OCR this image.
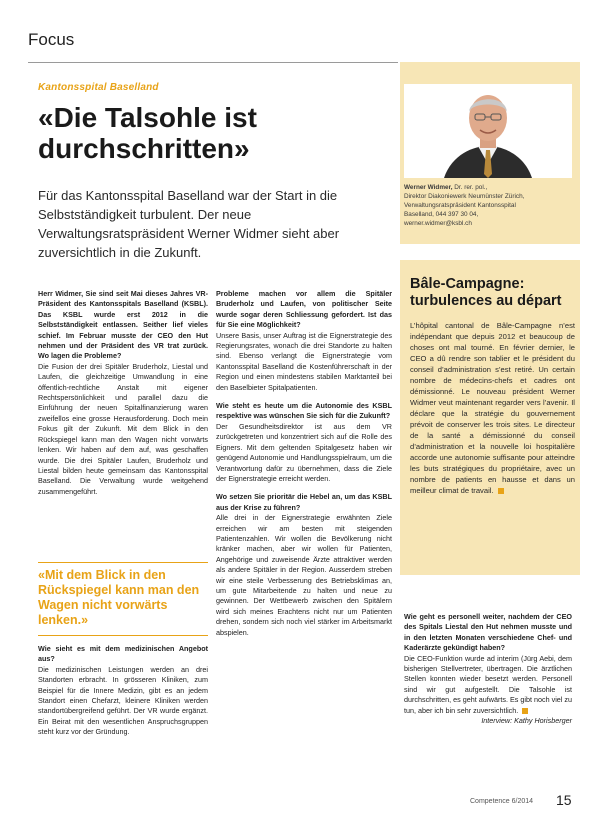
Focus
Werner Widmer, Dr. rer. pol.,
Direktor Diakoniewerk Neumünster Zürich,
Verwaltungsratspräsident Kantonsspital
Baselland, 044 397 30 04,
werner.widmer@ksbl.ch
Kantonsspital Baselland
«Die Talsohle ist durchschritten»
Für das Kantonsspital Baselland war der Start in die Selbstständigkeit turbulent. Der neue Verwaltungsratspräsident Werner Widmer sieht aber zuversichtlich in die Zukunft.

Herr Widmer, Sie sind seit Mai dieses Jahres VR-Präsident des Kantonsspitals Baselland (KSBL). Das KSBL wurde erst 2012 in die Selbstständigkeit entlassen. Seither lief vieles schief. Im Februar musste der CEO den Hut nehmen und der Präsident des VR trat zurück. Wo lagen die Probleme?

Die Fusion der drei Spitäler Bruderholz, Liestal und Laufen, die gleichzeitige Umwandlung in eine öffentlich-rechtliche Anstalt mit eigener Rechtspersönlichkeit und parallel dazu die Einführung der neuen Spitalfinanzierung waren zweifellos eine grosse Herausforderung. Doch mein Fokus gilt der Zukunft. Mit dem Blick in den Rückspiegel kann man den Wagen nicht vorwärts lenken. Wir haben auf dem auf, was geschaffen wurde. Die drei Spitäler Laufen, Bruderholz und Liestal bilden heute gemeinsam das Kantonsspital Baselland. Die Verwaltung wurde weitgehend zusammengeführt.

«Mit dem Blick in den Rückspiegel kann man den Wagen nicht vorwärts lenken.»

Wie sieht es mit dem medizinischen Angebot aus?

Die medizinischen Leistungen werden an drei Standorten erbracht. In grösseren Kliniken, zum Beispiel für die Innere Medizin, gibt es an jedem Standort einen Chefarzt, kleinere Kliniken werden standortübergreifend geführt. Der VR wurde ergänzt. Ein Beirat mit den wesentlichen Anspruchsgruppen steht kurz vor der Gründung.

Probleme machen vor allem die Spitäler Bruderholz und Laufen, von politischer Seite wurde sogar deren Schliessung gefordert. Ist das für Sie eine Möglichkeit?

Unsere Basis, unser Auftrag ist die Eignerstrategie des Regierungsrates, wonach die drei Standorte zu halten sind. Ebenso verlangt die Eignerstrategie vom Kantonsspital Baselland die Kostenführerschaft in der Region und einen mindestens stabilen Marktanteil bei den Baselbieter Spitalpatienten.

Wie steht es heute um die Autonomie des KSBL respektive was wünschen Sie sich für die Zukunft?

Der Gesundheitsdirektor ist aus dem VR zurückgetreten und konzentriert sich auf die Rolle des Eigners. Mit dem geltenden Spitalgesetz haben wir genügend Autonomie und Handlungsspielraum, um die Verantwortung dafür zu übernehmen, dass die Ziele der Eignerstrategie erreicht werden.

Wo setzen Sie prioritär die Hebel an, um das KSBL aus der Krise zu führen?

Alle drei in der Eignerstrategie erwähnten Ziele erreichen wir am besten mit steigenden Patientenzahlen. Wir wollen die Bevölkerung nicht kränker machen, aber wir wollen für Patienten, Angehörige und zuweisende Ärzte attraktiver werden als andere Spitäler in der Region. Ausserdem streben wir eine steile Verbesserung des Betriebsklimas an, um gute Mitarbeitende zu halten und neue zu gewinnen. Der Wettbewerb zwischen den Spitälern wird sich meines Erachtens nicht nur um Patienten drehen, sondern sich noch viel stärker im Arbeitsmarkt abspielen.

Bâle-Campagne: turbulences au départ
L’hôpital cantonal de Bâle-Campagne n’est indépendant que depuis 2012 et beaucoup de choses ont mal tourné. En février dernier, le CEO a dû rendre son tablier et le président du conseil d’administration s’est retiré. Un certain nombre de médecins-chefs et cadres ont démissionné. Le nouveau président Werner Widmer veut maintenant regarder vers l’avenir. Il déclare que la stratégie du gouvernement prévoit de conserver les trois sites. Le directeur de la santé a démissionné du conseil d’administration et la nouvelle loi hospitalière accorde une autonomie suffisante pour atteindre les buts stratégiques du propriétaire, avec un nombre de patients en hausse et dans un meilleur climat de travail.

Wie geht es personell weiter, nachdem der CEO des Spitals Liestal den Hut nehmen musste und in den letzten Monaten verschiedene Chef- und Kaderärzte gekündigt haben?

Die CEO-Funktion wurde ad interim (Jürg Aebi, dem bisherigen Stellvertreter, übertragen. Die ärztlichen Stellen konnten wieder besetzt werden. Personell sind wir gut aufgestellt. Die Talsohle ist durchschritten, es geht aufwärts. Es gibt noch viel zu tun, aber ich bin sehr zuversichtlich.

Interview: Kathy Horisberger

Competence 6/2014 15
